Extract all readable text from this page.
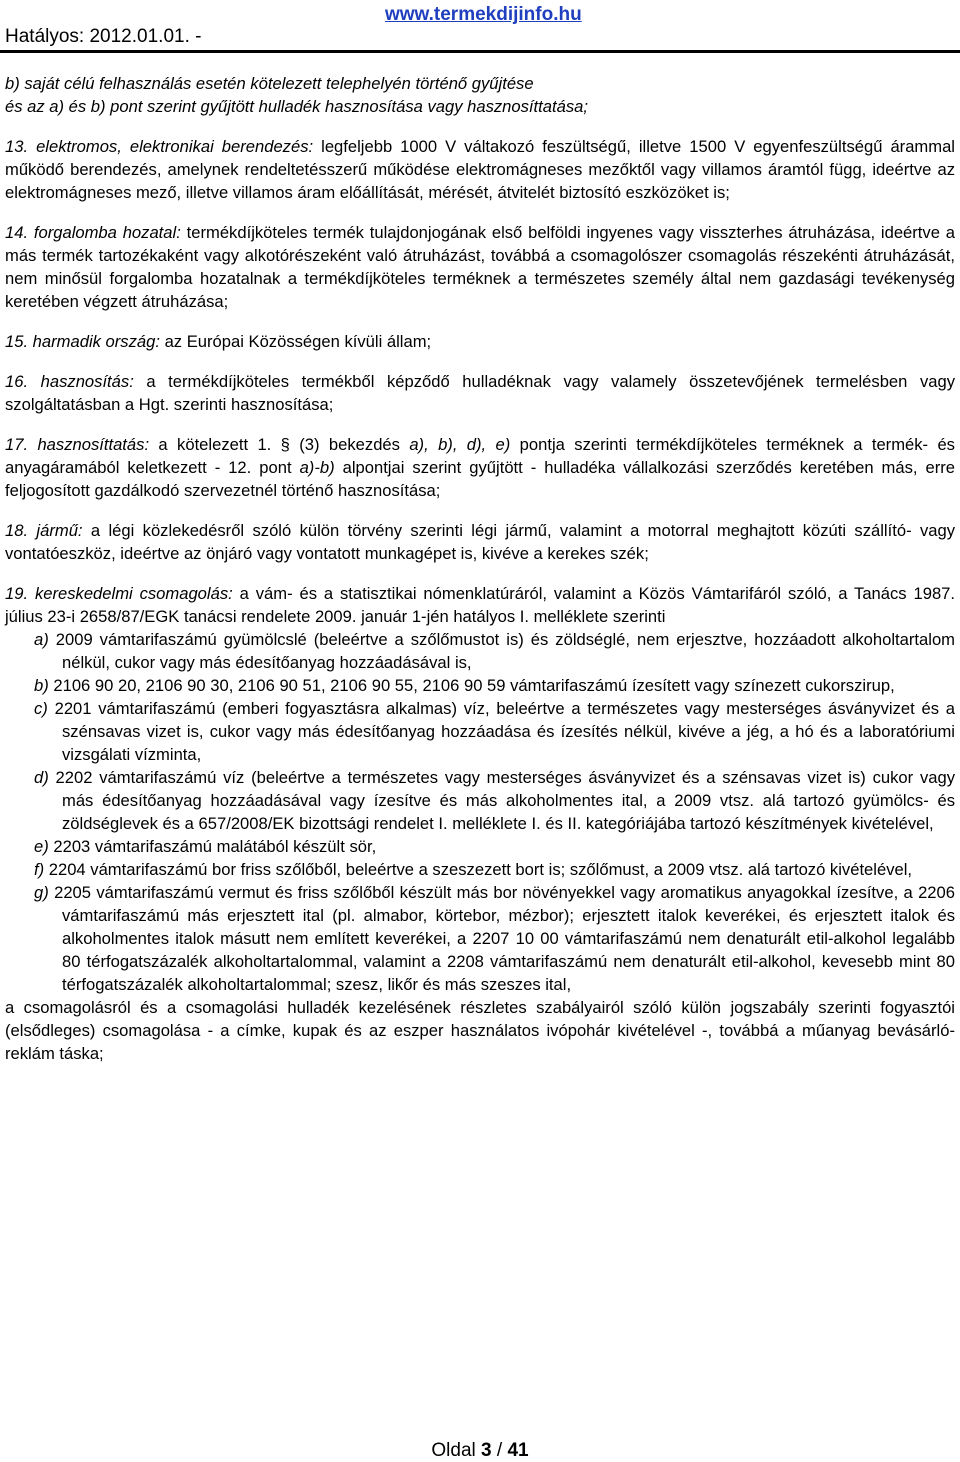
www.termekdijinfo.hu
Hatályos: 2012.01.01. -
b) saját célú felhasználás esetén kötelezett telephelyén történő gyűjtése
és az a) és b) pont szerint gyűjtött hulladék hasznosítása vagy hasznosíttatása;
13. elektromos, elektronikai berendezés: legfeljebb 1000 V váltakozó feszültségű, illetve 1500 V egyenfeszültségű árammal működő berendezés, amelynek rendeltetésszerű működése elektromágneses mezőktől vagy villamos áramtól függ, ideértve az elektromágneses mező, illetve villamos áram előállítását, mérését, átvitelét biztosító eszközöket is;
14. forgalomba hozatal: termékdíjköteles termék tulajdonjogának első belföldi ingyenes vagy visszterhes átruházása, ideértve a más termék tartozékaként vagy alkotórészeként való átruházást, továbbá a csomagolószer csomagolás részekénti átruházását, nem minősül forgalomba hozatalnak a termékdíjköteles terméknek a természetes személy által nem gazdasági tevékenység keretében végzett átruházása;
15. harmadik ország: az Európai Közösségen kívüli állam;
16. hasznosítás: a termékdíjköteles termékből képződő hulladéknak vagy valamely összetevőjének termelésben vagy szolgáltatásban a Hgt. szerinti hasznosítása;
17. hasznosíttatás: a kötelezett 1. § (3) bekezdés a), b), d), e) pontja szerinti termékdíjköteles terméknek a termék- és anyagáramából keletkezett - 12. pont a)-b) alpontjai szerint gyűjtött - hulladéka vállalkozási szerződés keretében más, erre feljogosított gazdálkodó szervezetnél történő hasznosítása;
18. jármű: a légi közlekedésről szóló külön törvény szerinti légi jármű, valamint a motorral meghajtott közúti szállító- vagy vontatóeszköz, ideértve az önjáró vagy vontatott munkagépet is, kivéve a kerekes szék;
19. kereskedelmi csomagolás: a vám- és a statisztikai nómenklatúráról, valamint a Közös Vámtarifáról szóló, a Tanács 1987. július 23-i 2658/87/EGK tanácsi rendelete 2009. január 1-jén hatályos I. melléklete szerinti
a) 2009 vámtarifaszámú gyümölcslé (beleértve a szőlőmustot is) és zöldséglé, nem erjesztve, hozzáadott alkoholtartalom nélkül, cukor vagy más édesítőanyag hozzáadásával is,
b) 2106 90 20, 2106 90 30, 2106 90 51, 2106 90 55, 2106 90 59 vámtarifaszámú ízesített vagy színezett cukorszirup,
c) 2201 vámtarifaszámú (emberi fogyasztásra alkalmas) víz, beleértve a természetes vagy mesterséges ásványvizet és a szénsavas vizet is, cukor vagy más édesítőanyag hozzáadása és ízesítés nélkül, kivéve a jég, a hó és a laboratóriumi vizsgálati vízminta,
d) 2202 vámtarifaszámú víz (beleértve a természetes vagy mesterséges ásványvizet és a szénsavas vizet is) cukor vagy más édesítőanyag hozzáadásával vagy ízesítve és más alkoholmentes ital, a 2009 vtsz. alá tartozó gyümölcs- és zöldséglevek és a 657/2008/EK bizottsági rendelet I. melléklete I. és II. kategóriájába tartozó készítmények kivételével,
e) 2203 vámtarifaszámú malátából készült sör,
f) 2204 vámtarifaszámú bor friss szőlőből, beleértve a szeszezett bort is; szőlőmust, a 2009 vtsz. alá tartozó kivételével,
g) 2205 vámtarifaszámú vermut és friss szőlőből készült más bor növényekkel vagy aromatikus anyagokkal ízesítve, a 2206 vámtarifaszámú más erjesztett ital (pl. almabor, körtebor, mézbor); erjesztett italok keverékei, és erjesztett italok és alkoholmentes italok másutt nem említett keverékei, a 2207 10 00 vámtarifaszámú nem denaturált etil-alkohol legalább 80 térfogatszázalék alkoholtartalommal, valamint a 2208 vámtarifaszámú nem denaturált etil-alkohol, kevesebb mint 80 térfogatszázalék alkoholtartalommal; szesz, likőr és más szeszes ital,
a csomagolásról és a csomagolási hulladék kezelésének részletes szabályairól szóló külön jogszabály szerinti fogyasztói (elsődleges) csomagolása - a címke, kupak és az eszper használatos ivópohár kivételével -, továbbá a műanyag bevásárló-reklám táska;
Oldal 3 / 41
